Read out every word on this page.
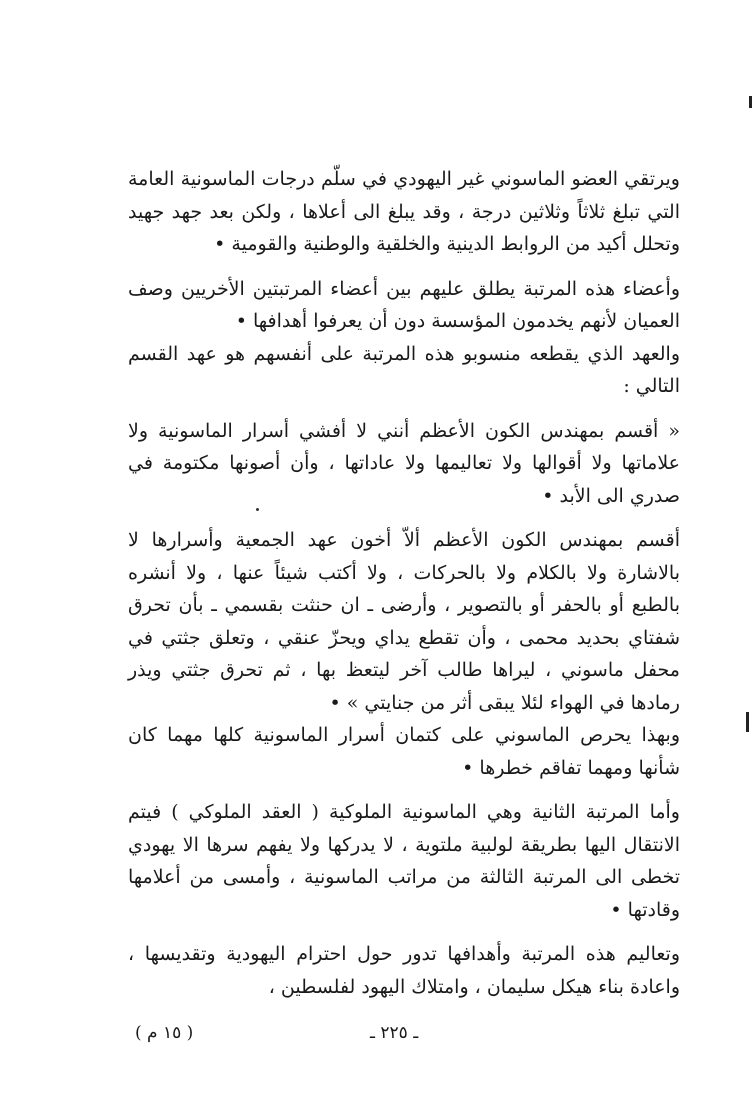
ويرتقي العضو الماسوني غير اليهودي في سلّم درجات الماسونية العامة التي تبلغ ثلاثاً وثلاثين درجة ، وقد يبلغ الى أعلاها ، ولكن بعد جهد جهيد وتحلل أكيد من الروابط الدينية والخلقية والوطنية والقومية •

وأعضاء هذه المرتبة يطلق عليهم بين أعضاء المرتبتين الأخريين وصف العميان لأنهم يخدمون المؤسسة دون أن يعرفوا أهدافها •

والعهد الذي يقطعه منسوبو هذه المرتبة على أنفسهم هو عهد القسم التالي :

« أقسم بمهندس الكون الأعظم أنني لا أفشي أسرار الماسونية ولا علاماتها ولا أقوالها ولا تعاليمها ولا عاداتها ، وأن أصونها مكتومة في صدري الى الأبد •

أقسم بمهندس الكون الأعظم ألاّ أخون عهد الجمعية وأسرارها لا بالاشارة ولا بالكلام ولا بالحركات ، ولا أكتب شيئاً عنها ، ولا أنشره بالطبع أو بالحفر أو بالتصوير ، وأرضى ـ ان حنثت بقسمي ـ بأن تحرق شفتاي بحديد محمى ، وأن تقطع يداي ويحزّ عنقي ، وتعلق جثتي في محفل ماسوني ، ليراها طالب آخر ليتعظ بها ، ثم تحرق جثتي ويذر رمادها في الهواء لئلا يبقى أثر من جنايتي » •

وبهذا يحرص الماسوني على كتمان أسرار الماسونية كلها مهما كان شأنها ومهما تفاقم خطرها •

وأما المرتبة الثانية وهي الماسونية الملوكية ( العقد الملوكي ) فيتم الانتقال اليها بطريقة لولبية ملتوية ، لا يدركها ولا يفهم سرها الا يهودي تخطى الى المرتبة الثالثة من مراتب الماسونية ، وأمسى من أعلامها وقادتها •

وتعاليم هذه المرتبة وأهدافها تدور حول احترام اليهودية وتقديسها ، واعادة بناء هيكل سليمان ، وامتلاك اليهود لفلسطين ،

ـ ٢٢٥ ـ
( ١٥ م )
